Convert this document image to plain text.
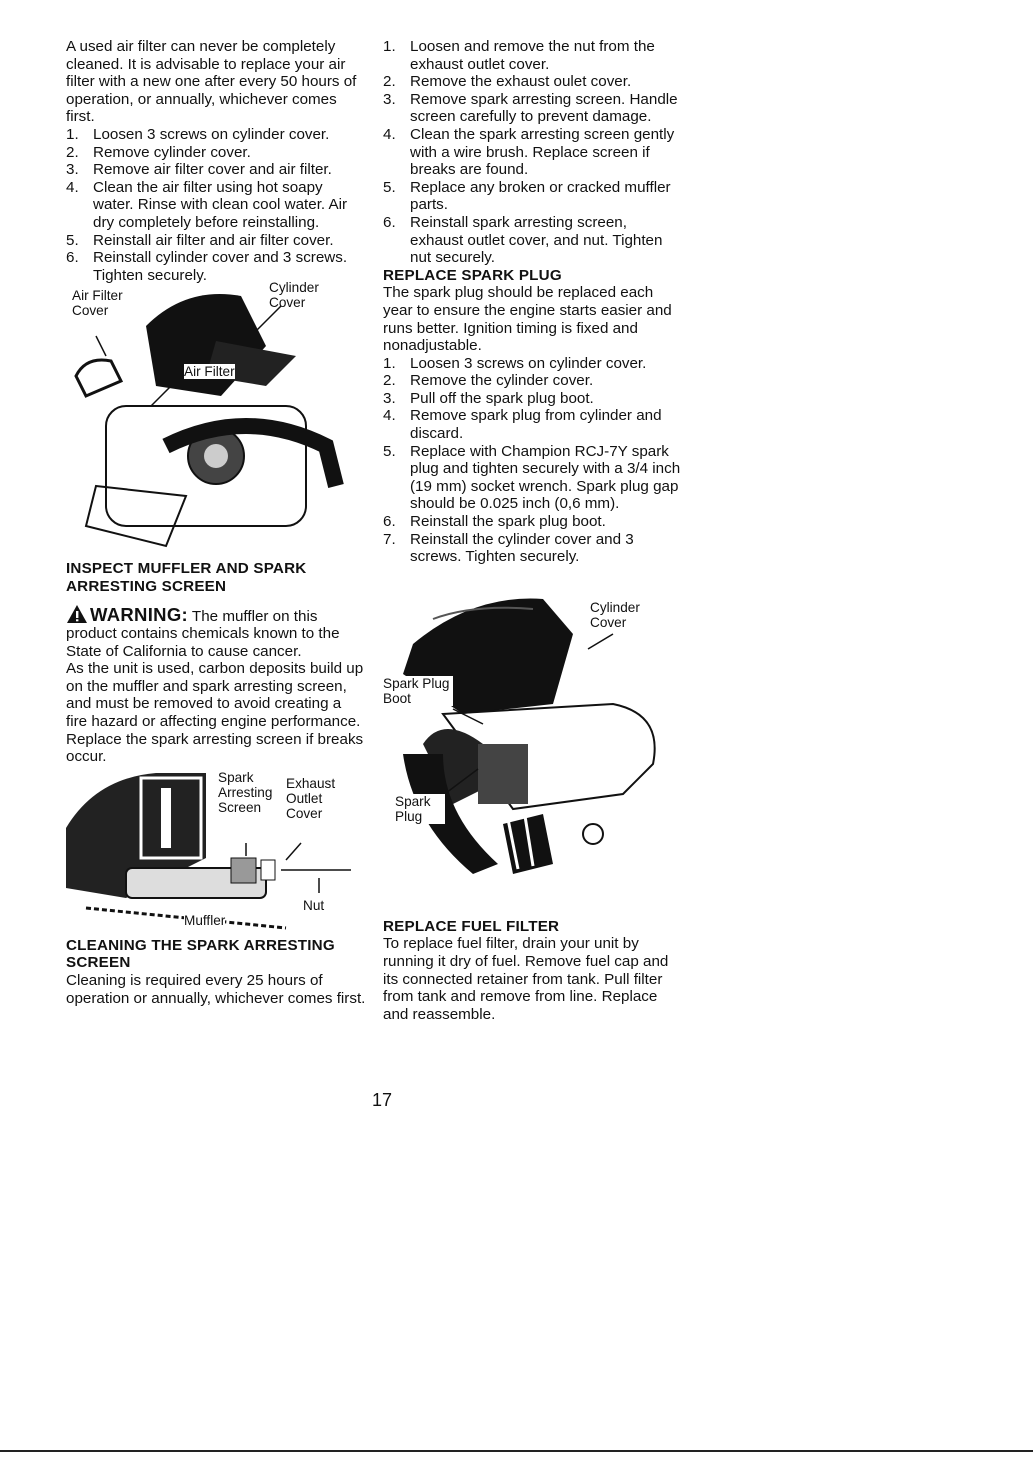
A used air filter can never be completely cleaned. It is advisable to replace your air filter with a new one after every 50 hours of operation, or annually, whichever comes first.

1. Loosen 3 screws on cylinder cover.
2. Remove cylinder cover.
3. Remove air filter cover and air filter.
4. Clean the air filter using hot soapy water. Rinse with clean cool water. Air dry completely before reinstalling.
5. Reinstall air filter and air filter cover.
6. Reinstall cylinder cover and 3 screws. Tighten securely.
Air Filter Cover
Cylinder Cover
Air Filter

INSPECT MUFFLER AND SPARK ARRESTING SCREEN

WARNING: The muffler on this product contains chemicals known to the State of California to cause cancer.

As the unit is used, carbon deposits build up on the muffler and spark arresting screen, and must be removed to avoid creating a fire hazard or affecting engine performance.

Replace the spark arresting screen if breaks occur.

Spark Arresting Screen
Exhaust Outlet Cover
Nut
Muffler

CLEANING THE SPARK ARRESTING SCREEN

Cleaning is required every 25 hours of operation or annually, whichever comes first.

1. Loosen and remove the nut from the exhaust outlet cover.
2. Remove the exhaust oulet cover.
3. Remove spark arresting screen. Handle screen carefully to prevent damage.
4. Clean the spark arresting screen gently with a wire brush. Replace screen if breaks are found.
5. Replace any broken or cracked muffler parts.
6. Reinstall spark arresting screen, exhaust outlet cover, and nut. Tighten nut securely.

REPLACE SPARK PLUG

The spark plug should be replaced each year to ensure the engine starts easier and runs better. Ignition timing is fixed and nonadjustable.

1. Loosen 3 screws on cylinder cover.
2. Remove the cylinder cover.
3. Pull off the spark plug boot.
4. Remove spark plug from cylinder and discard.
5. Replace with Champion RCJ-7Y spark plug and tighten securely with a 3/4 inch (19 mm) socket wrench. Spark plug gap should be 0.025 inch (0,6 mm).
6. Reinstall the spark plug boot.
7. Reinstall the cylinder cover and 3 screws. Tighten securely.
Cylinder Cover
Spark Plug Boot
Spark Plug

REPLACE FUEL FILTER

To replace fuel filter, drain your unit by running it dry of fuel. Remove fuel cap and its connected retainer from tank. Pull filter from tank and remove from line. Replace and reassemble.

17
